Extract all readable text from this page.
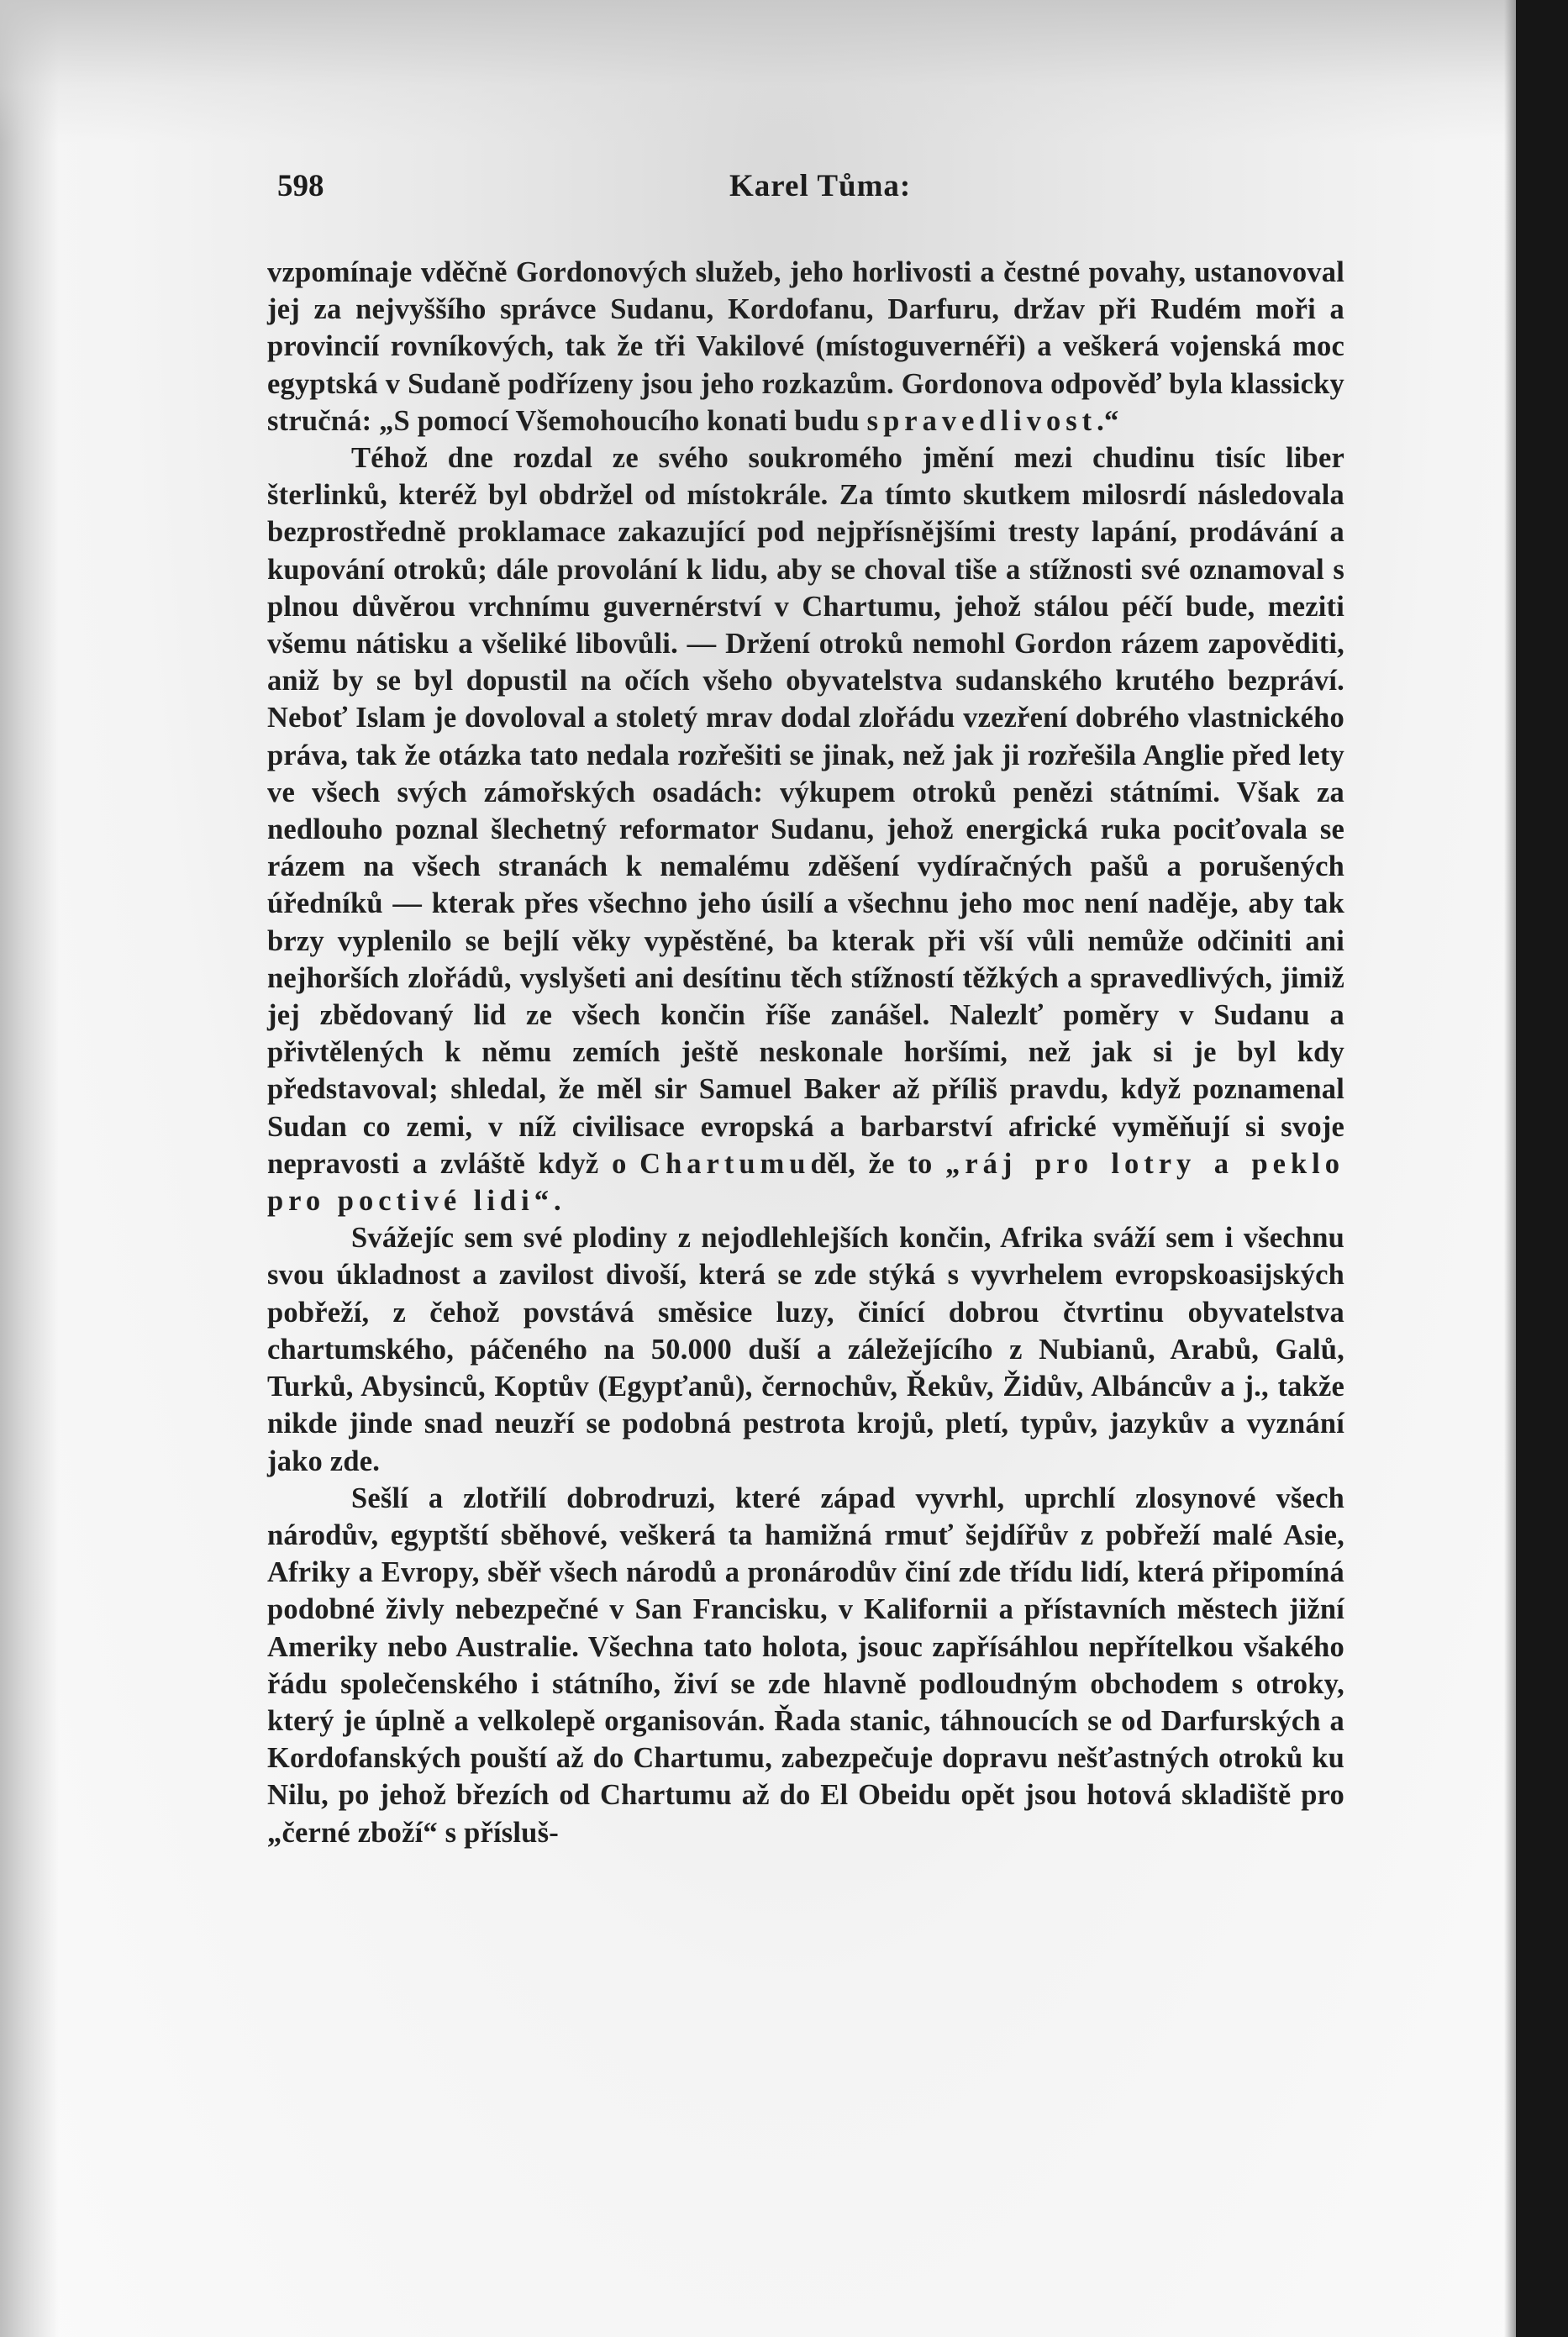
598	Karel Tůma:

vzpomínaje vděčně Gordonových služeb, jeho horlivosti a čestné povahy, ustanovoval jej za nejvyššího správce Sudanu, Kordofanu, Darfuru, držav při Rudém moři a provincií rovníkových, tak že tři Vakilové (místoguvernéři) a veškerá vojenská moc egyptská v Sudaně podřízeny jsou jeho rozkazům. Gordonova odpověď byla klassicky stručná: „S pomocí Všemohoucího konati budu spravedlivost.“

Téhož dne rozdal ze svého soukromého jmění mezi chudinu tisíc liber šterlinků, kteréž byl obdržel od místokrále. Za tímto skutkem milosrdí následovala bezprostředně proklamace zakazující pod nejpřísnějšími tresty lapání, prodávání a kupování otroků; dále provolání k lidu, aby se choval tiše a stížnosti své oznamoval s plnou důvěrou vrchnímu guvernérství v Chartumu, jehož stálou péčí bude, meziti všemu nátisku a všeliké libovůli. — Držení otroků nemohl Gordon rázem zapověditi, aniž by se byl dopustil na očích všeho obyvatelstva sudanského krutého bezpráví. Neboť Islam je dovoloval a stoletý mrav dodal zlořádu vzezření dobrého vlastnického práva, tak že otázka tato nedala rozřešiti se jinak, než jak ji rozřešila Anglie před lety ve všech svých zámořských osadách: výkupem otroků penězi státními. Však za nedlouho poznal šlechetný reformator Sudanu, jehož energická ruka pociťovala se rázem na všech stranách k nemalému zděšení vydíračných pašů a porušených úředníků — kterak přes všechno jeho úsilí a všechnu jeho moc není naděje, aby tak brzy vyplenilo se bejlí věky vypěstěné, ba kterak při vší vůli nemůže odčiniti ani nejhorších zlořádů, vyslyšeti ani desítinu těch stížností těžkých a spravedlivých, jimiž jej zbědovaný lid ze všech končin říše zanášel. Nalezlť poměry v Sudanu a přivtělených k němu zemích ještě neskonale horšími, než jak si je byl kdy představoval; shledal, že měl sir Samuel Baker až příliš pravdu, když poznamenal Sudan co zemi, v níž civilisace evropská a barbarství africké vyměňují si svoje nepravosti a zvláště když o Chartumuděl, že to „ráj pro lotry a peklo pro poctivé lidi“.

Svážejíc sem své plodiny z nejodlehlejších končin, Afrika sváží sem i všechnu svou úkladnost a zavilost divoší, která se zde stýká s vyvrhelem evropskoasijských pobřeží, z čehož povstává směsice luzy, činící dobrou čtvrtinu obyvatelstva chartumského, páčeného na 50.000 duší a záležejícího z Nubianů, Arabů, Galů, Turků, Abysinců, Koptův (Egypťanů), černochův, Řekův, Židův, Albáncův a j., takže nikde jinde snad neuzří se podobná pestrota krojů, pletí, typův, jazykův a vyznání jako zde.

Sešlí a zlotřilí dobrodruzi, které západ vyvrhl, uprchlí zlosynové všech národův, egyptští sběhové, veškerá ta hamižná rmuť šejdířův z pobřeží malé Asie, Afriky a Evropy, sběř všech národů a pronárodův činí zde třídu lidí, která připomíná podobné živly nebezpečné v San Francisku, v Kalifornii a přístavních městech jižní Ameriky nebo Australie. Všechna tato holota, jsouc zapřísáhlou nepřítelkou všakého řádu společenského i státního, živí se zde hlavně podloudným obchodem s otroky, který je úplně a velkolepě organisován. Řada stanic, táhnoucích se od Darfurských a Kordofanských pouští až do Chartumu, zabezpečuje dopravu nešťastných otroků ku Nilu, po jehož březích od Chartumu až do El Obeidu opět jsou hotová skladiště pro „černé zboží“ s přísluš-
